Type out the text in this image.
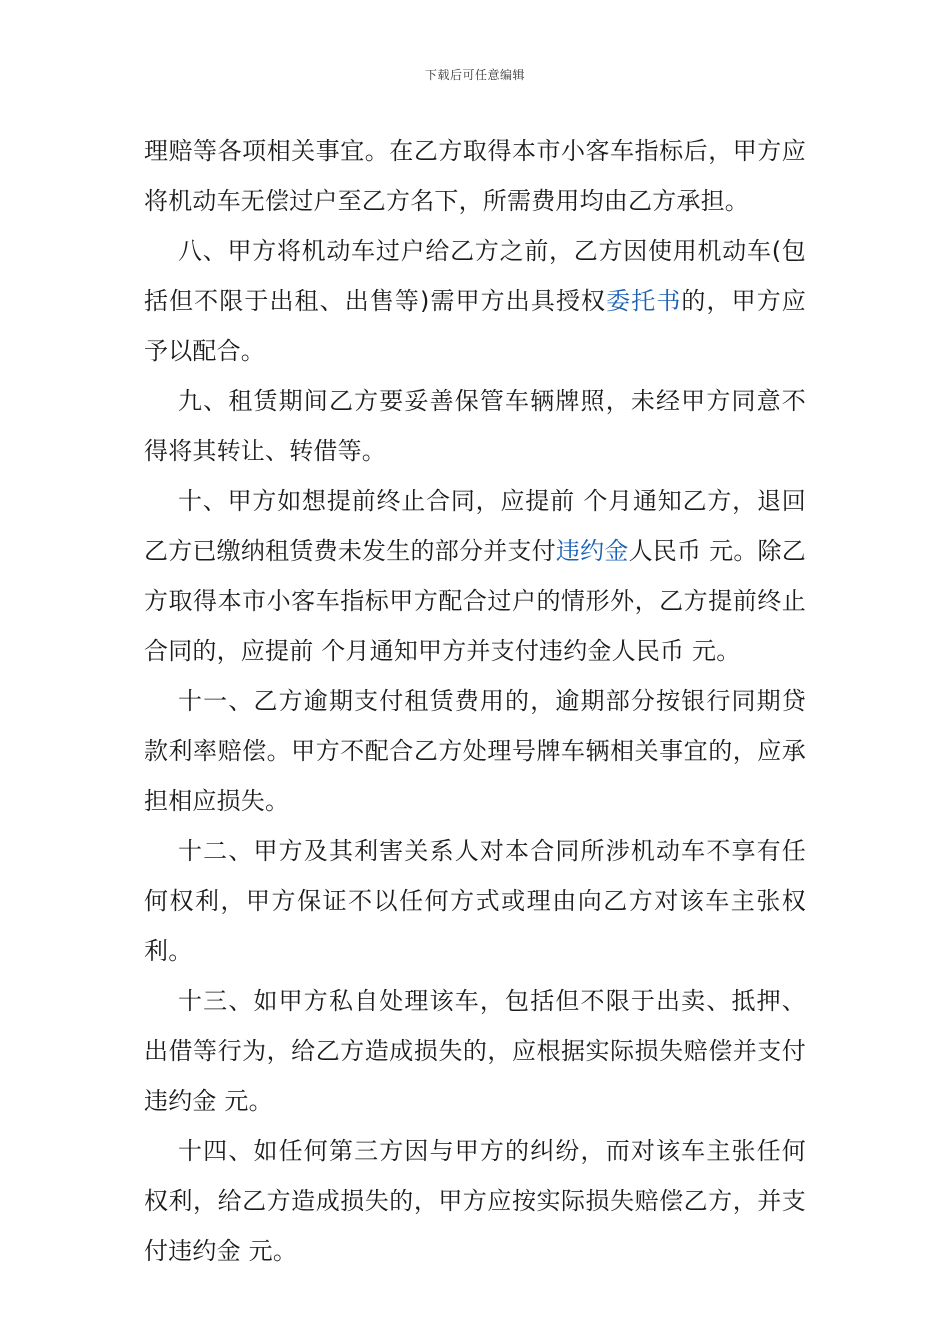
下载后可任意编辑

理赔等各项相关事宜。在乙方取得本市小客车指标后，甲方应将机动车无偿过户至乙方名下，所需费用均由乙方承担。

八、甲方将机动车过户给乙方之前，乙方因使用机动车(包括但不限于出租、出售等)需甲方出具授权委托书的，甲方应予以配合。

九、租赁期间乙方要妥善保管车辆牌照，未经甲方同意不得将其转让、转借等。

十、甲方如想提前终止合同，应提前 个月通知乙方，退回乙方已缴纳租赁费未发生的部分并支付违约金人民币 元。除乙方取得本市小客车指标甲方配合过户的情形外，乙方提前终止合同的，应提前 个月通知甲方并支付违约金人民币 元。

十一、乙方逾期支付租赁费用的，逾期部分按银行同期贷款利率赔偿。甲方不配合乙方处理号牌车辆相关事宜的，应承担相应损失。

十二、甲方及其利害关系人对本合同所涉机动车不享有任何权利，甲方保证不以任何方式或理由向乙方对该车主张权利。

十三、如甲方私自处理该车，包括但不限于出卖、抵押、出借等行为，给乙方造成损失的，应根据实际损失赔偿并支付违约金 元。

十四、如任何第三方因与甲方的纠纷，而对该车主张任何权利，给乙方造成损失的，甲方应按实际损失赔偿乙方，并支付违约金 元。
